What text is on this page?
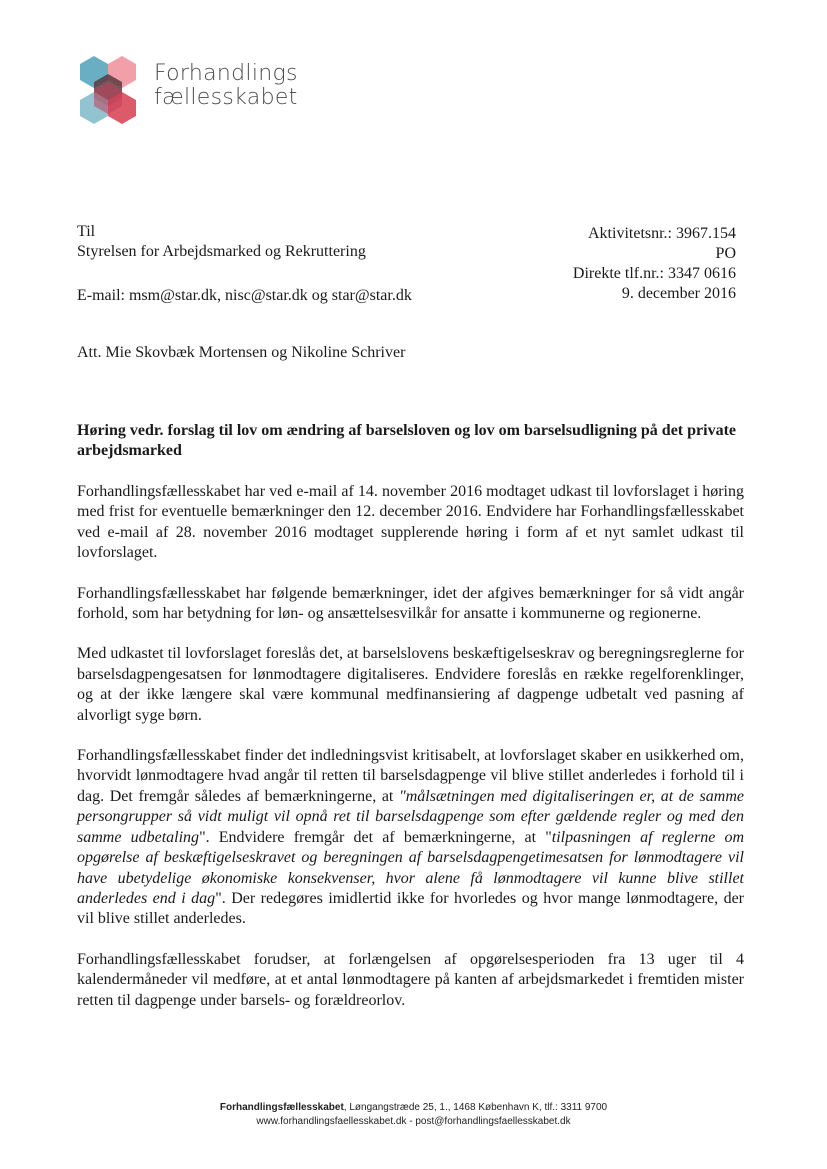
Forhandlings
fællesskabet
Til
Styrelsen for Arbejdsmarked og Rekruttering
E-mail: msm@star.dk, nisc@star.dk og star@star.dk
Aktivitetsnr.: 3967.154
PO
Direkte tlf.nr.: 3347 0616
9. december 2016
Att. Mie Skovbæk Mortensen og Nikoline Schriver
Høring vedr. forslag til lov om ændring af barselsloven og lov om barselsudligning på det private arbejdsmarked

Forhandlingsfællesskabet har ved e-mail af 14. november 2016 modtaget udkast til lovforslaget i høring med frist for eventuelle bemærkninger den 12. december 2016. Endvidere har Forhandlingsfællesskabet ved e-mail af 28. november 2016 modtaget supplerende høring i form af et nyt samlet udkast til lovforslaget.

Forhandlingsfællesskabet har følgende bemærkninger, idet der afgives bemærkninger for så vidt angår forhold, som har betydning for løn- og ansættelsesvilkår for ansatte i kommunerne og regionerne.

Med udkastet til lovforslaget foreslås det, at barselslovens beskæftigelseskrav og beregningsreglerne for barselsdagpengesatsen for lønmodtagere digitaliseres. Endvidere foreslås en række regelforenklinger, og at der ikke længere skal være kommunal medfinansiering af dagpenge udbetalt ved pasning af alvorligt syge børn.

Forhandlingsfællesskabet finder det indledningsvist kritisabelt, at lovforslaget skaber en usikkerhed om, hvorvidt lønmodtagere hvad angår til retten til barselsdagpenge vil blive stillet anderledes i forhold til i dag. Det fremgår således af bemærkningerne, at "målsætningen med digitaliseringen er, at de samme persongrupper så vidt muligt vil opnå ret til barselsdagpenge som efter gældende regler og med den samme udbetaling". Endvidere fremgår det af bemærkningerne, at "tilpasningen af reglerne om opgørelse af beskæftigelseskravet og beregningen af barselsdagpengetimesatsen for lønmodtagere vil have ubetydelige økonomiske konsekvenser, hvor alene få lønmodtagere vil kunne blive stillet anderledes end i dag". Der redegøres imidlertid ikke for hvorledes og hvor mange lønmodtagere, der vil blive stillet anderledes.

Forhandlingsfællesskabet forudser, at forlængelsen af opgørelsesperioden fra 13 uger til 4 kalendermåneder vil medføre, at et antal lønmodtagere på kanten af arbejdsmarkedet i fremtiden mister retten til dagpenge under barsels- og forældreorlov.

Forhandlingsfællesskabet, Løngangstræde 25, 1., 1468 København K, tlf.: 3311 9700
www.forhandlingsfaellesskabet.dk - post@forhandlingsfaellesskabet.dk
